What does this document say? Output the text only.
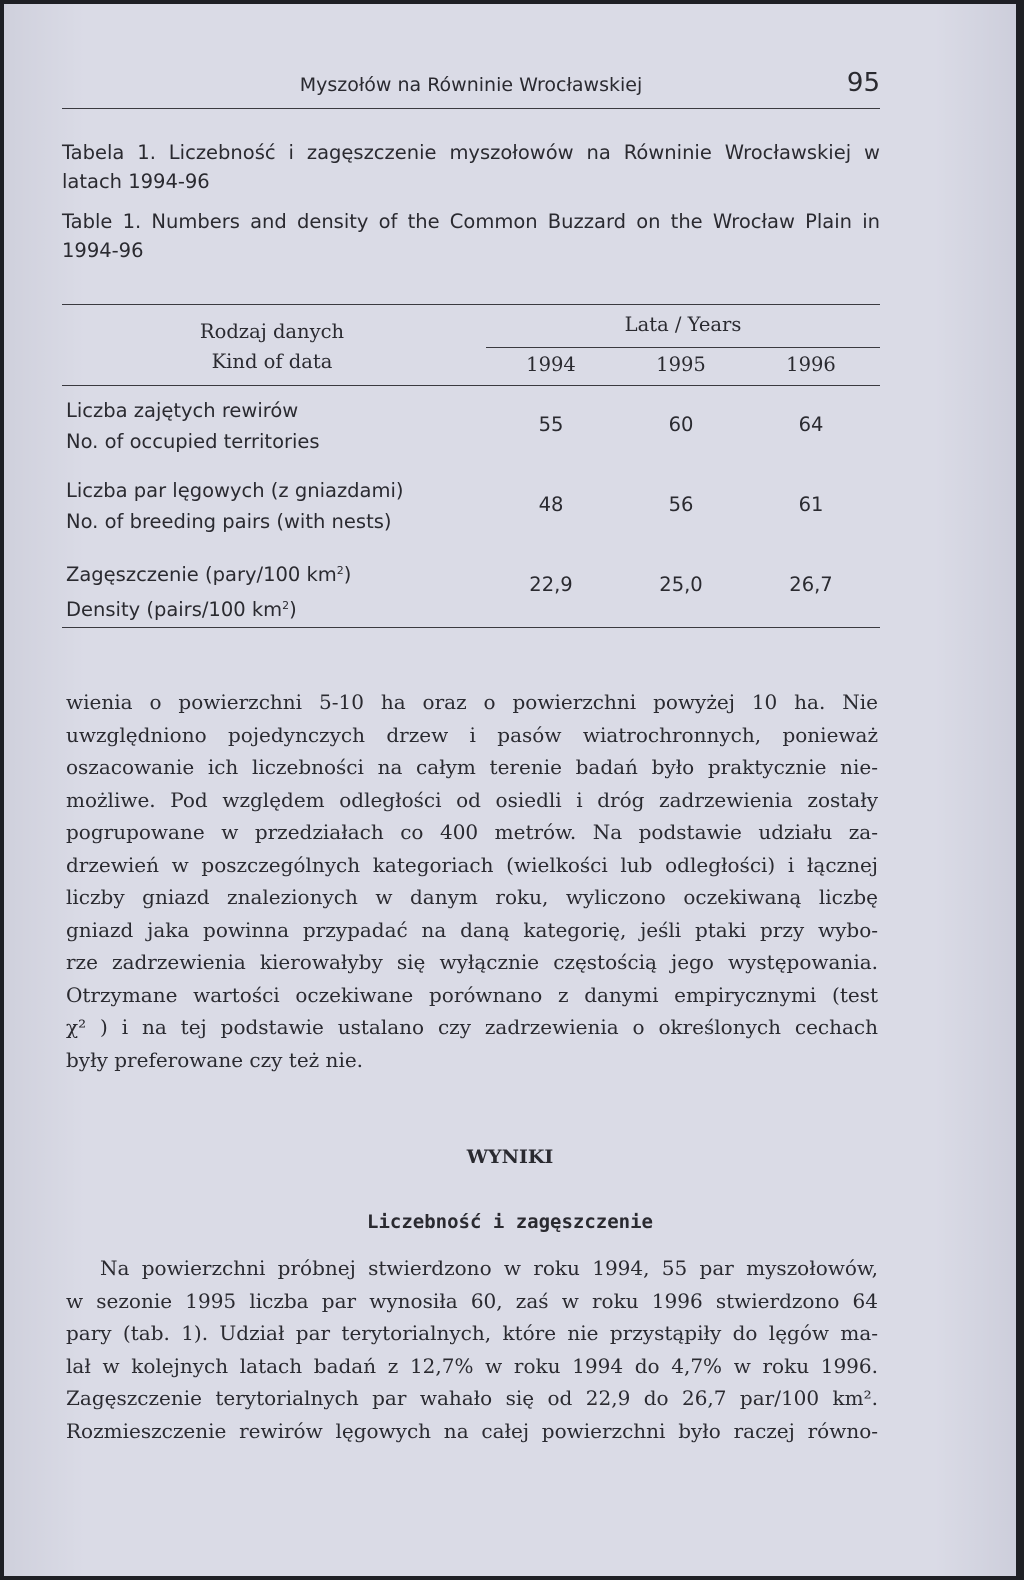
Myszołów na Równinie Wrocławskiej	95
Tabela 1. Liczebność i zagęszczenie myszołowów na Równinie Wrocławskiej w latach 1994-96
Table 1. Numbers and density of the Common Buzzard on the Wrocław Plain in 1994-96
Rodzaj danych
Kind of data
Lata / Years
1994	1995	1996
Liczba zajętych rewirów
No. of occupied territories
55	60	64
Liczba par lęgowych (z gniazdami)
No. of breeding pairs (with nests)
48	56	61
Zagęszczenie (pary/100 $km^2$)
Density (pairs/100 $km^2$)
22,9	25,0	26,7
wienia o powierzchni 5-10 ha oraz o powierzchni powyżej 10 ha. Nie
uwzględniono pojedynczych drzew i pasów wiatrochronnych, ponieważ
oszacowanie ich liczebności na całym terenie badań było praktycznie nie-
możliwe. Pod względem odległości od osiedli i dróg zadrzewienia zostały
pogrupowane w przedziałach co 400 metrów. Na podstawie udziału za-
drzewień w poszczególnych kategoriach (wielkości lub odległości) i łącznej
liczby gniazd znalezionych w danym roku, wyliczono oczekiwaną liczbę
gniazd jaka powinna przypadać na daną kategorię, jeśli ptaki przy wybo-
rze zadrzewienia kierowałyby się wyłącznie częstością jego występowania.
Otrzymane wartości oczekiwane porównano z danymi empirycznymi (test
χ² ) i na tej podstawie ustalano czy zadrzewienia o określonych cechach
były preferowane czy też nie.
WYNIKI
Liczebność i zagęszczenie
Na powierzchni próbnej stwierdzono w roku 1994, 55 par myszołowów,
w sezonie 1995 liczba par wynosiła 60, zaś w roku 1996 stwierdzono 64
pary (tab. 1). Udział par terytorialnych, które nie przystąpiły do lęgów ma-
lał w kolejnych latach badań z 12,7% w roku 1994 do 4,7% w roku 1996.
Zagęszczenie terytorialnych par wahało się od 22,9 do 26,7 par/100 km².
Rozmieszczenie rewirów lęgowych na całej powierzchni było raczej równo-
